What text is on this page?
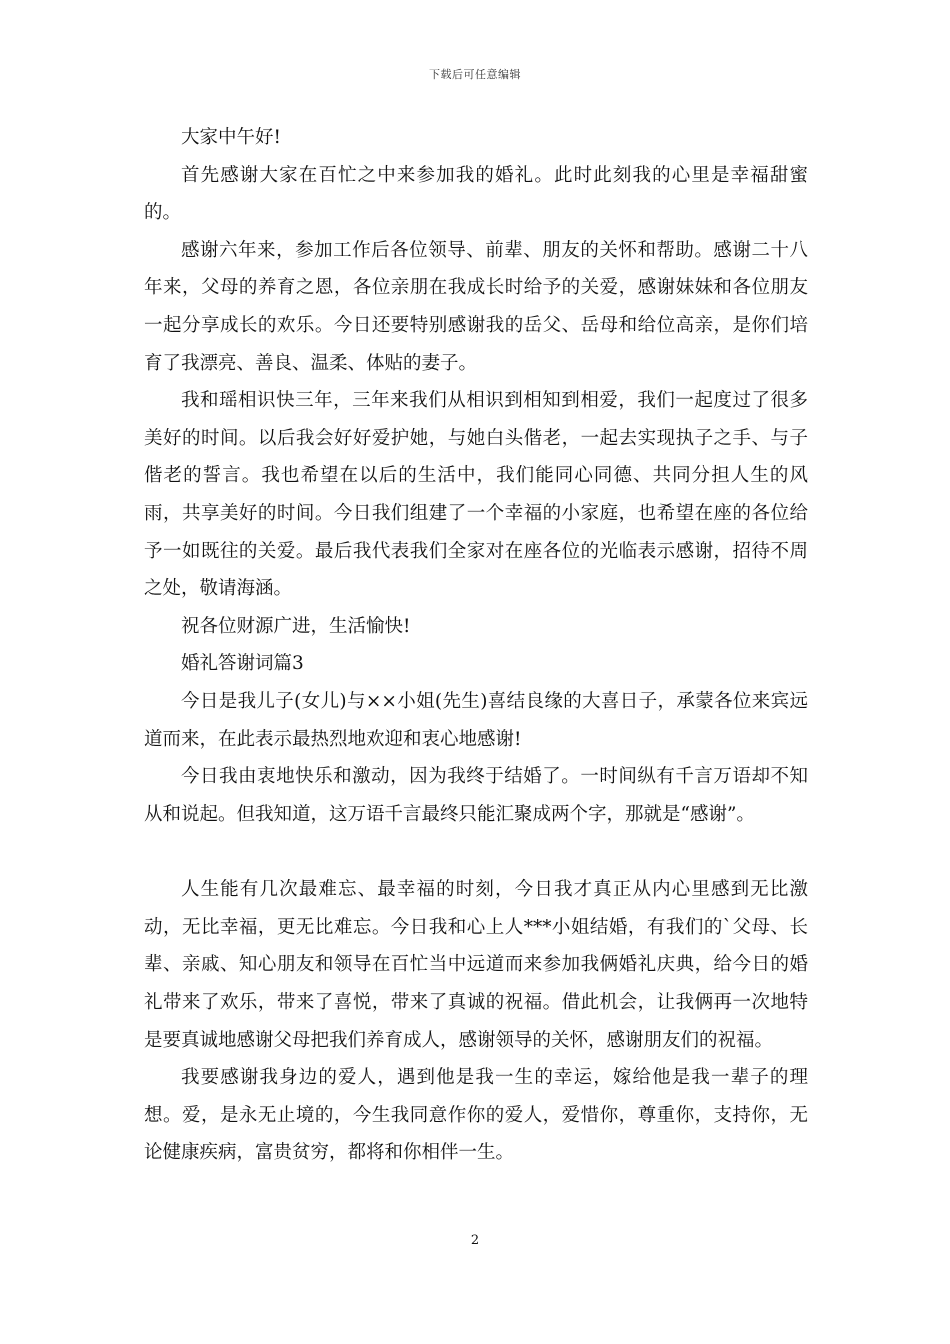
下载后可任意编辑

大家中午好!

首先感谢大家在百忙之中来参加我的婚礼。此时此刻我的心里是幸福甜蜜的。

感谢六年来，参加工作后各位领导、前辈、朋友的关怀和帮助。感谢二十八年来，父母的养育之恩，各位亲朋在我成长时给予的关爱，感谢妹妹和各位朋友一起分享成长的欢乐。今日还要特别感谢我的岳父、岳母和给位高亲，是你们培育了我漂亮、善良、温柔、体贴的妻子。

我和瑶相识快三年，三年来我们从相识到相知到相爱，我们一起度过了很多美好的时间。以后我会好好爱护她，与她白头偕老，一起去实现执子之手、与子偕老的誓言。我也希望在以后的生活中，我们能同心同德、共同分担人生的风雨，共享美好的时间。今日我们组建了一个幸福的小家庭，也希望在座的各位给予一如既往的关爱。最后我代表我们全家对在座各位的光临表示感谢，招待不周之处，敬请海涵。

祝各位财源广进，生活愉快!

婚礼答谢词篇3

今日是我儿子(女儿)与××小姐(先生)喜结良缘的大喜日子，承蒙各位来宾远道而来，在此表示最热烈地欢迎和衷心地感谢!

今日我由衷地快乐和激动，因为我终于结婚了。一时间纵有千言万语却不知从和说起。但我知道，这万语千言最终只能汇聚成两个字，那就是“感谢”。

人生能有几次最难忘、最幸福的时刻，今日我才真正从内心里感到无比激动，无比幸福，更无比难忘。今日我和心上人***小姐结婚，有我们的`父母、长辈、亲戚、知心朋友和领导在百忙当中远道而来参加我俩婚礼庆典，给今日的婚礼带来了欢乐，带来了喜悦，带来了真诚的祝福。借此机会，让我俩再一次地特是要真诚地感谢父母把我们养育成人，感谢领导的关怀，感谢朋友们的祝福。

我要感谢我身边的爱人，遇到他是我一生的幸运，嫁给他是我一辈子的理想。爱，是永无止境的，今生我同意作你的爱人，爱惜你，尊重你，支持你，无论健康疾病，富贵贫穷，都将和你相伴一生。

2
